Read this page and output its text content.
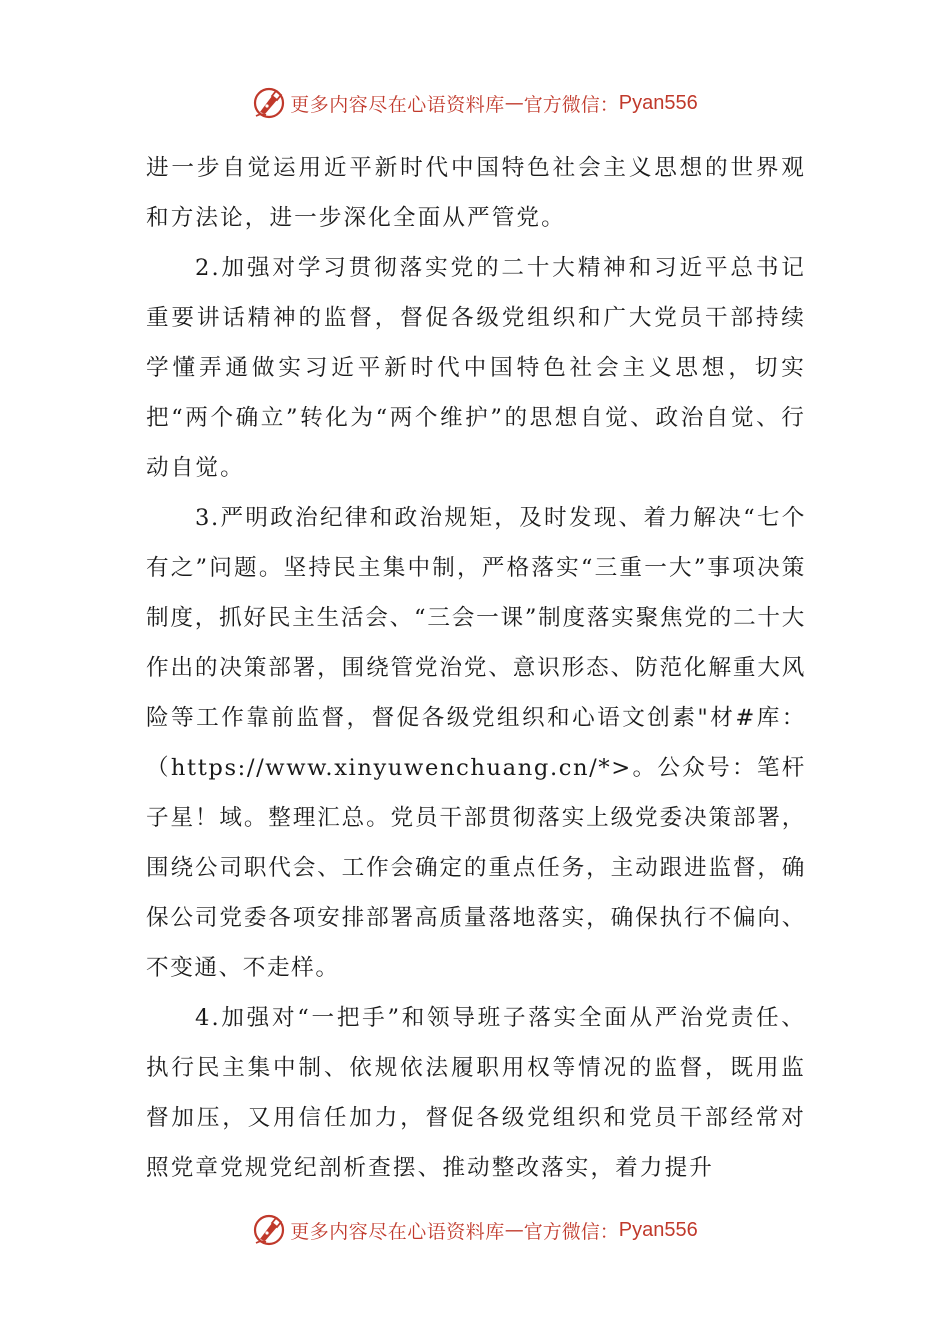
更多内容尽在心语资料库 — 官方微信： Pyan556

进一步自觉运用近平新时代中国特色社会主义思想的世界观和方法论，进一步深化全面从严管党。

2.加强对学习贯彻落实党的二十大精神和习近平总书记重要讲话精神的监督，督促各级党组织和广大党员干部持续学懂弄通做实习近平新时代中国特色社会主义思想，切实把“两个确立”转化为“两个维护”的思想自觉、政治自觉、行动自觉。

3.严明政治纪律和政治规矩，及时发现、着力解决“七个有之”问题。坚持民主集中制，严格落实“三重一大”事项决策制度，抓好民主生活会、“三会一课”制度落实聚焦党的二十大作出的决策部署，围绕管党治党、意识形态、防范化解重大风险等工作靠前监督，督促各级党组织和心语文创素"材#库：（https://www.xinyuwenchuang.cn/*>。公众号：笔杆子星！域。整理汇总。党员干部贯彻落实上级党委决策部署，围绕公司职代会、工作会确定的重点任务，主动跟进监督，确保公司党委各项安排部署高质量落地落实，确保执行不偏向、不变通、不走样。

4.加强对“一把手”和领导班子落实全面从严治党责任、执行民主集中制、依规依法履职用权等情况的监督，既用监督加压，又用信任加力，督促各级党组织和党员干部经常对照党章党规党纪剖析查摆、推动整改落实，着力提升

更多内容尽在心语资料库 — 官方微信： Pyan556
